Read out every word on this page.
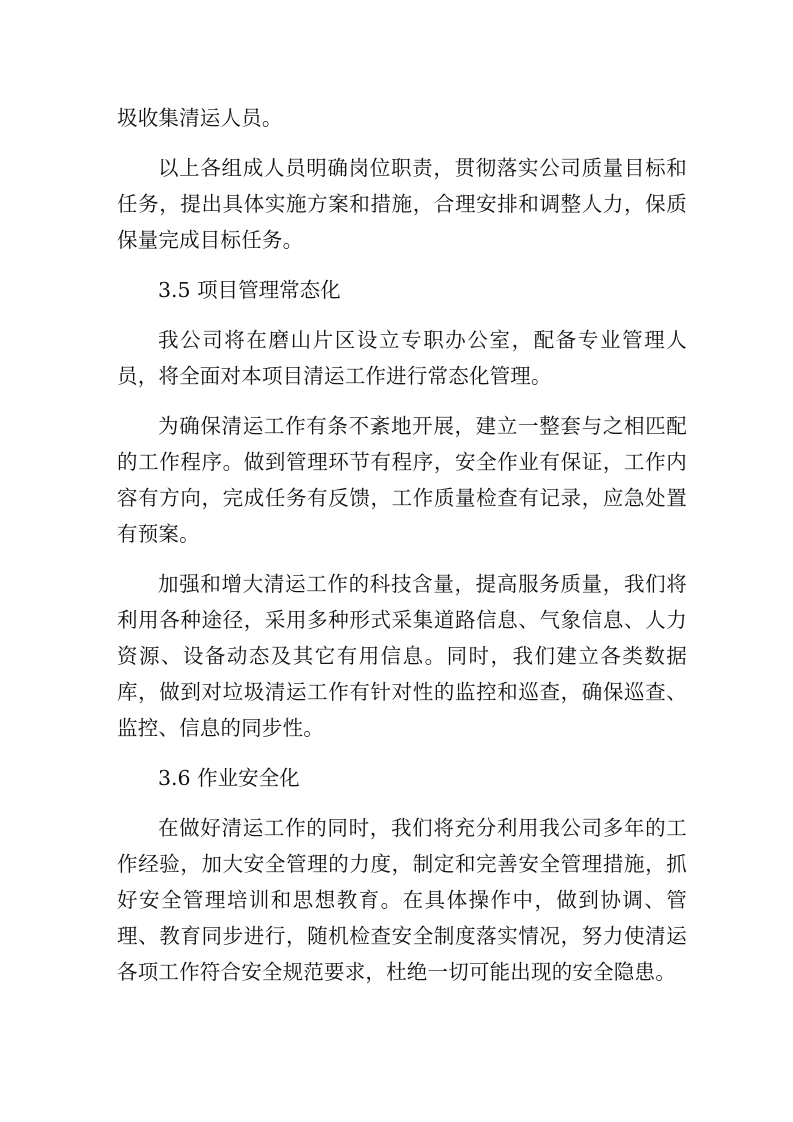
圾收集清运人员。

以上各组成人员明确岗位职责，贯彻落实公司质量目标和任务，提出具体实施方案和措施，合理安排和调整人力，保质保量完成目标任务。

3.5 项目管理常态化

我公司将在磨山片区设立专职办公室，配备专业管理人员，将全面对本项目清运工作进行常态化管理。

为确保清运工作有条不紊地开展，建立一整套与之相匹配的工作程序。做到管理环节有程序，安全作业有保证，工作内容有方向，完成任务有反馈，工作质量检查有记录，应急处置有预案。

加强和增大清运工作的科技含量，提高服务质量，我们将利用各种途径，采用多种形式采集道路信息、气象信息、人力资源、设备动态及其它有用信息。同时，我们建立各类数据库，做到对垃圾清运工作有针对性的监控和巡查，确保巡查、监控、信息的同步性。

3.6 作业安全化

在做好清运工作的同时，我们将充分利用我公司多年的工作经验，加大安全管理的力度，制定和完善安全管理措施，抓好安全管理培训和思想教育。在具体操作中，做到协调、管理、教育同步进行，随机检查安全制度落实情况，努力使清运各项工作符合安全规范要求，杜绝一切可能出现的安全隐患。
